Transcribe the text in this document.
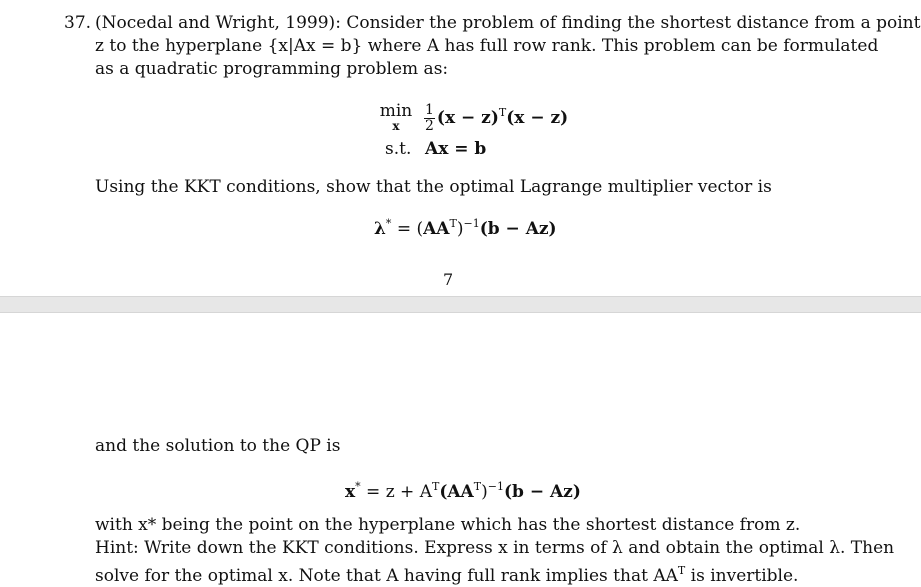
37. (Nocedal and Wright, 1999): Consider the problem of finding the shortest distance from a point
z to the hyperplane {x|Ax = b} where A has full row rank. This problem can be formulated
as a quadratic programming problem as:
min
x	$\frac{1}{2} (x - z)^T(x - z)$
s.t. Ax = b
Using the KKT conditions, show that the optimal Lagrange multiplier vector is
$\lambda^* = (AA^T)^{-1}(b - Az)$
7
and the solution to the QP is
$x^* = z + A^T(AA^T)^{-1}(b - Az)$
with x* being the point on the hyperplane which has the shortest distance from z.
Hint: Write down the KKT conditions. Express x in terms of λ and obtain the optimal λ. Then
solve for the optimal x. Note that A having full rank implies that $AA^T$ is invertible.
